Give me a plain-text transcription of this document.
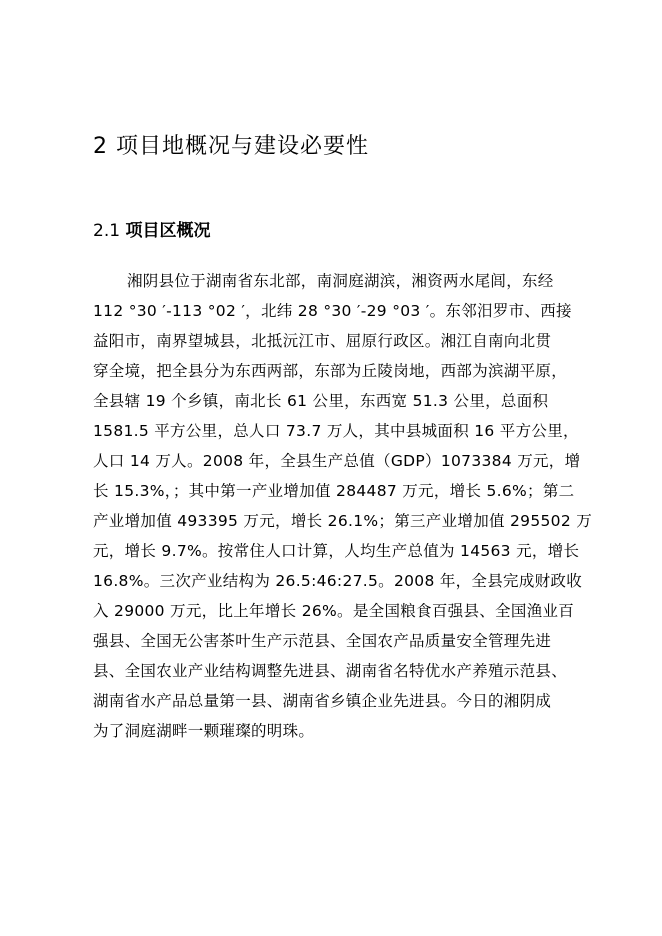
2 项目地概况与建设必要性
2.1 项目区概况
湘阴县位于湖南省东北部，南洞庭湖滨，湘资两水尾闾，东经
112 °30 ′-113 °02 ′，北纬 28 °30 ′-29 °03 ′。东邻汨罗市、西接
益阳市，南界望城县，北抵沅江市、屈原行政区。湘江自南向北贯
穿全境，把全县分为东西两部，东部为丘陵岗地，西部为滨湖平原，
全县辖 19 个乡镇，南北长 61 公里，东西宽 51.3 公里，总面积
1581.5 平方公里，总人口 73.7 万人，其中县城面积 16 平方公里，
人口 14 万人。2008 年，全县生产总值（GDP）1073384 万元，增
长 15.3%，；其中第一产业增加值 284487 万元，增长 5.6%；第二
产业增加值 493395 万元，增长 26.1%；第三产业增加值 295502 万
元，增长 9.7%。按常住人口计算，人均生产总值为 14563 元，增长
16.8%。三次产业结构为 26.5:46:27.5。2008 年，全县完成财政收
入 29000 万元，比上年增长 26%。是全国粮食百强县、全国渔业百
强县、全国无公害茶叶生产示范县、全国农产品质量安全管理先进
县、全国农业产业结构调整先进县、湖南省名特优水产养殖示范县、
湖南省水产品总量第一县、湖南省乡镇企业先进县。今日的湘阴成
为了洞庭湖畔一颗璀璨的明珠。
